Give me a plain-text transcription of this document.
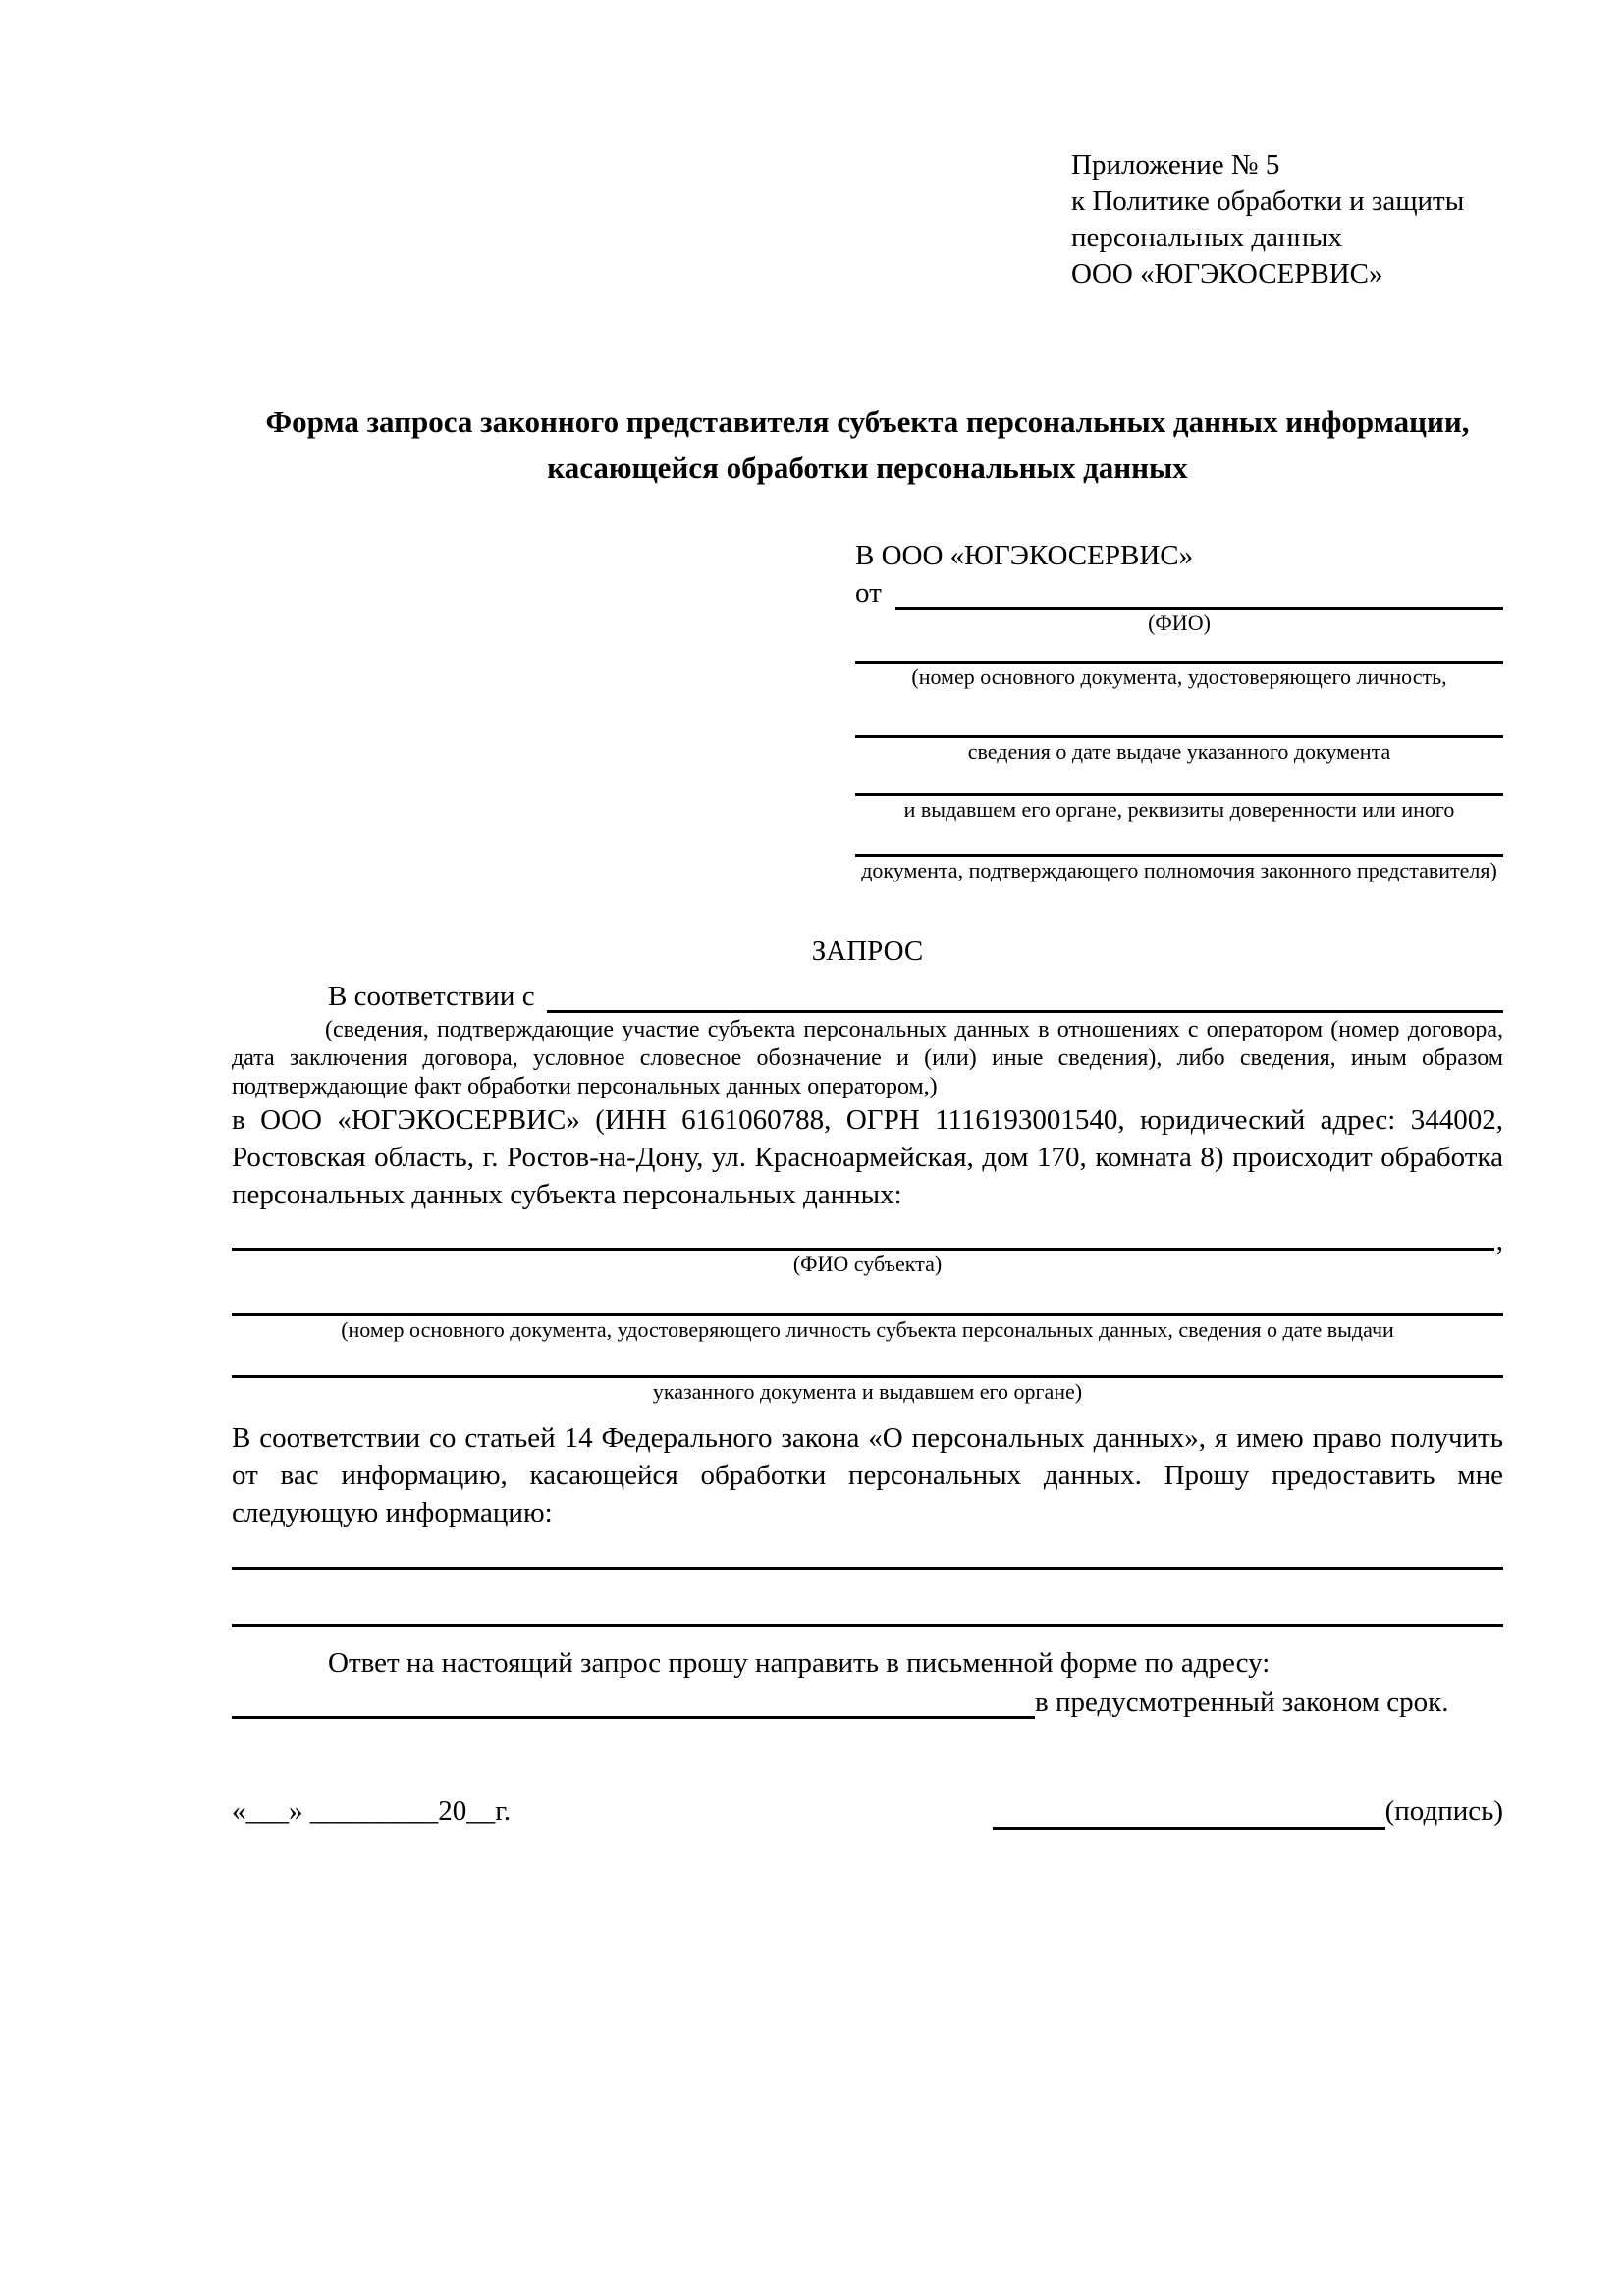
Приложение № 5
к Политике обработки и защиты
персональных данных
ООО «ЮГЭКОСЕРВИС»

Форма запроса законного представителя субъекта персональных данных информации, касающейся обработки персональных данных

В ООО «ЮГЭКОСЕРВИС»
от
(ФИО)
(номер основного документа, удостоверяющего личность,
сведения о дате выдаче указанного документа
и выдавшем его органе, реквизиты доверенности или иного
документа, подтверждающего полномочия законного представителя)
ЗАПРОС
В соответствии с

(сведения, подтверждающие участие субъекта персональных данных в отношениях с оператором (номер договора, дата заключения договора, условное словесное обозначение и (или) иные сведения), либо сведения, иным образом подтверждающие факт обработки персональных данных оператором,)

в ООО «ЮГЭКОСЕРВИС» (ИНН 6161060788, ОГРН 1116193001540, юридический адрес: 344002, Ростовская область, г. Ростов-на-Дону, ул. Красноармейская, дом 170, комната 8) происходит обработка персональных данных субъекта персональных данных:

,
(ФИО субъекта)
(номер основного документа, удостоверяющего личность субъекта персональных данных, сведения о дате выдачи
указанного документа и выдавшем его органе)

В соответствии со статьей 14 Федерального закона «О персональных данных», я имею право получить от вас информацию, касающейся обработки персональных данных. Прошу предоставить мне следующую информацию:

Ответ на настоящий запрос прошу направить в письменной форме по адресу:

в предусмотренный законом срок.
«___» _________20__г.	(подпись)
